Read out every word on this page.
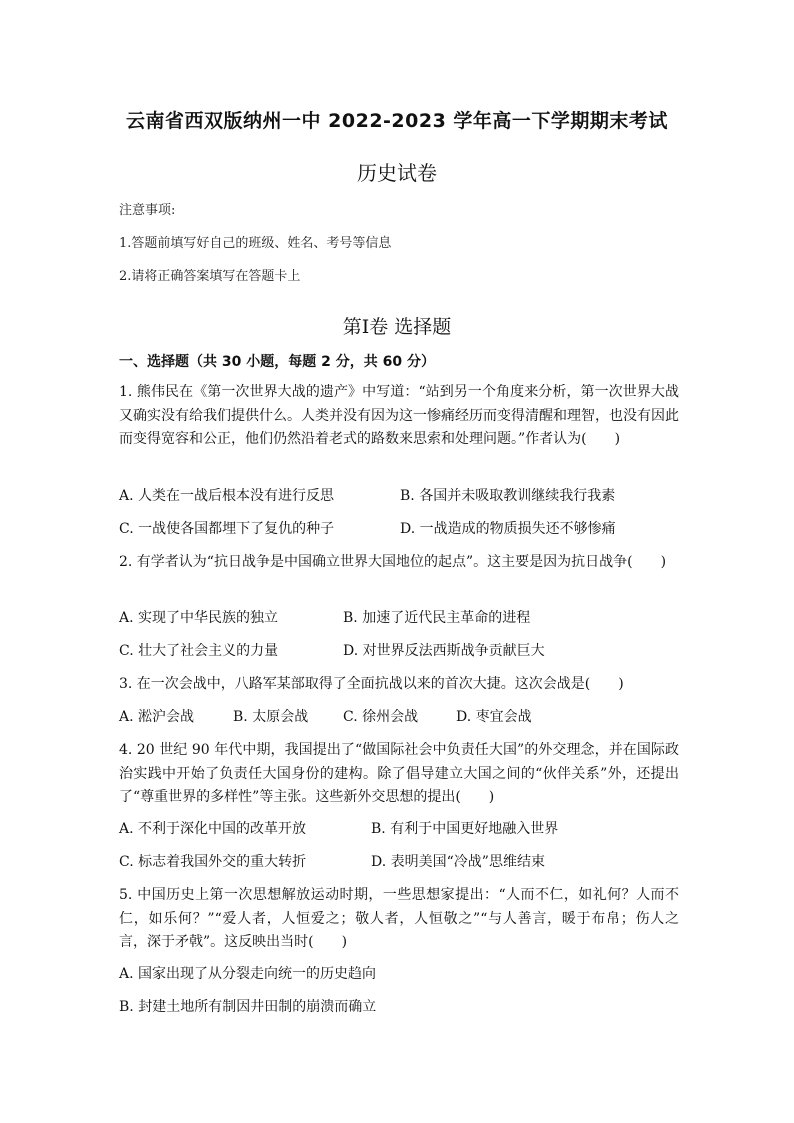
云南省西双版纳州一中 2022-2023 学年高一下学期期末考试
历史试卷
注意事项:
1.答题前填写好自己的班级、姓名、考号等信息
2.请将正确答案填写在答题卡上
第Ⅰ卷 选择题
一、选择题（共 30 小题，每题 2 分，共 60 分）
1. 熊伟民在《第一次世界大战的遗产》中写道：“站到另一个角度来分析，第一次世界大战又确实没有给我们提供什么。人类并没有因为这一惨痛经历而变得清醒和理智，也没有因此而变得宽容和公正，他们仍然沿着老式的路数来思索和处理问题。”作者认为(　　)
A. 人类在一战后根本没有进行反思	B. 各国并未吸取教训继续我行我素
C. 一战使各国都埋下了复仇的种子	D. 一战造成的物质损失还不够惨痛
2. 有学者认为“抗日战争是中国确立世界大国地位的起点”。这主要是因为抗日战争(　　)
A. 实现了中华民族的独立	B. 加速了近代民主革命的进程
C. 壮大了社会主义的力量	D. 对世界反法西斯战争贡献巨大
3. 在一次会战中，八路军某部取得了全面抗战以来的首次大捷。这次会战是(　　)
A. 淞沪会战	B. 太原会战 C. 徐州会战	D. 枣宜会战
4. 20 世纪 90 年代中期，我国提出了“做国际社会中负责任大国”的外交理念，并在国际政治实践中开始了负责任大国身份的建构。除了倡导建立大国之间的“伙伴关系”外，还提出了“尊重世界的多样性”等主张。这些新外交思想的提出(　　)
A. 不利于深化中国的改革开放	B. 有利于中国更好地融入世界
C. 标志着我国外交的重大转折	D. 表明美国“冷战”思维结束
5. 中国历史上第一次思想解放运动时期，一些思想家提出：“人而不仁，如礼何？人而不仁，如乐何？”“爱人者，人恒爱之；敬人者，人恒敬之”“与人善言，暖于布帛；伤人之言，深于矛戟”。这反映出当时(　　)
A. 国家出现了从分裂走向统一的历史趋向
B. 封建土地所有制因井田制的崩溃而确立
